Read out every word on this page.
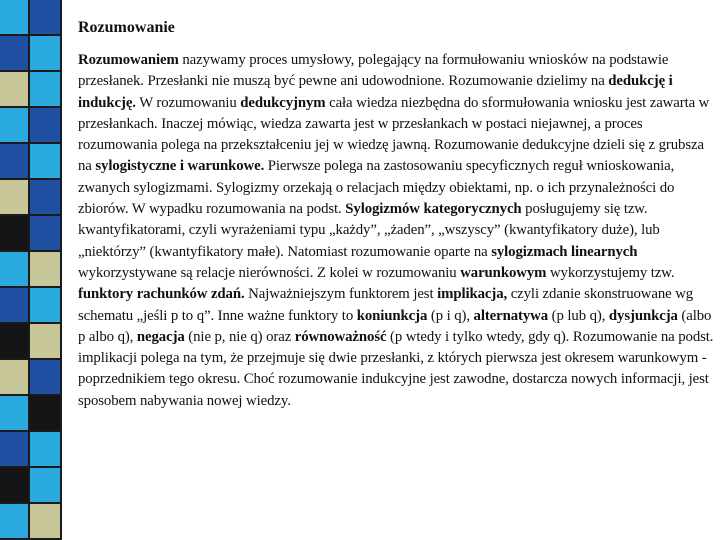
Rozumowanie
Rozumowaniem nazywamy proces umysłowy, polegający na formułowaniu wniosków na podstawie przesłanek. Przesłanki nie muszą być pewne ani udowodnione. Rozumowanie dzielimy na dedukcję i indukcję. W rozumowaniu dedukcyjnym cała wiedza niezbędna do sformułowania wniosku jest zawarta w przesłankach. Inaczej mówiąc, wiedza zawarta jest w przesłankach w postaci niejawnej, a proces rozumowania polega na przekształceniu jej w wiedzę jawną. Rozumowanie dedukcyjne dzieli się z grubsza na sylogistyczne i warunkowe. Pierwsze polega na zastosowaniu specyficznych reguł wnioskowania, zwanych sylogizmami. Sylogizmy orzekają o relacjach między obiektami, np. o ich przynależności do zbiorów. W wypadku rozumowania na podst. Sylogizmów kategorycznych posługujemy się tzw. kwantyfikatorami, czyli wyrażeniami typu „każdy”, „żaden”, „wszyscy” (kwantyfikatory duże), lub „niektórzy” (kwantyfikatory małe). Natomiast rozumowanie oparte na sylogizmach linearnych wykorzystywane są relacje nierówności. Z kolei w rozumowaniu warunkowym wykorzystujemy tzw. funktory rachunków zdań. Najważniejszym funktorem jest implikacja, czyli zdanie skonstruowane wg schematu „jeśli p to q”. Inne ważne funktory to koniunkcja (p i q), alternatywa (p lub q), dysjunkcja (albo p albo q), negacja (nie p, nie q) oraz równoważność (p wtedy i tylko wtedy, gdy q). Rozumowanie na podst. implikacji polega na tym, że przejmuje się dwie przesłanki, z których pierwsza jest okresem warunkowym - poprzednikiem tego okresu. Choć rozumowanie indukcyjne jest zawodne, dostarcza nowych informacji, jest sposobem nabywania nowej wiedzy.
